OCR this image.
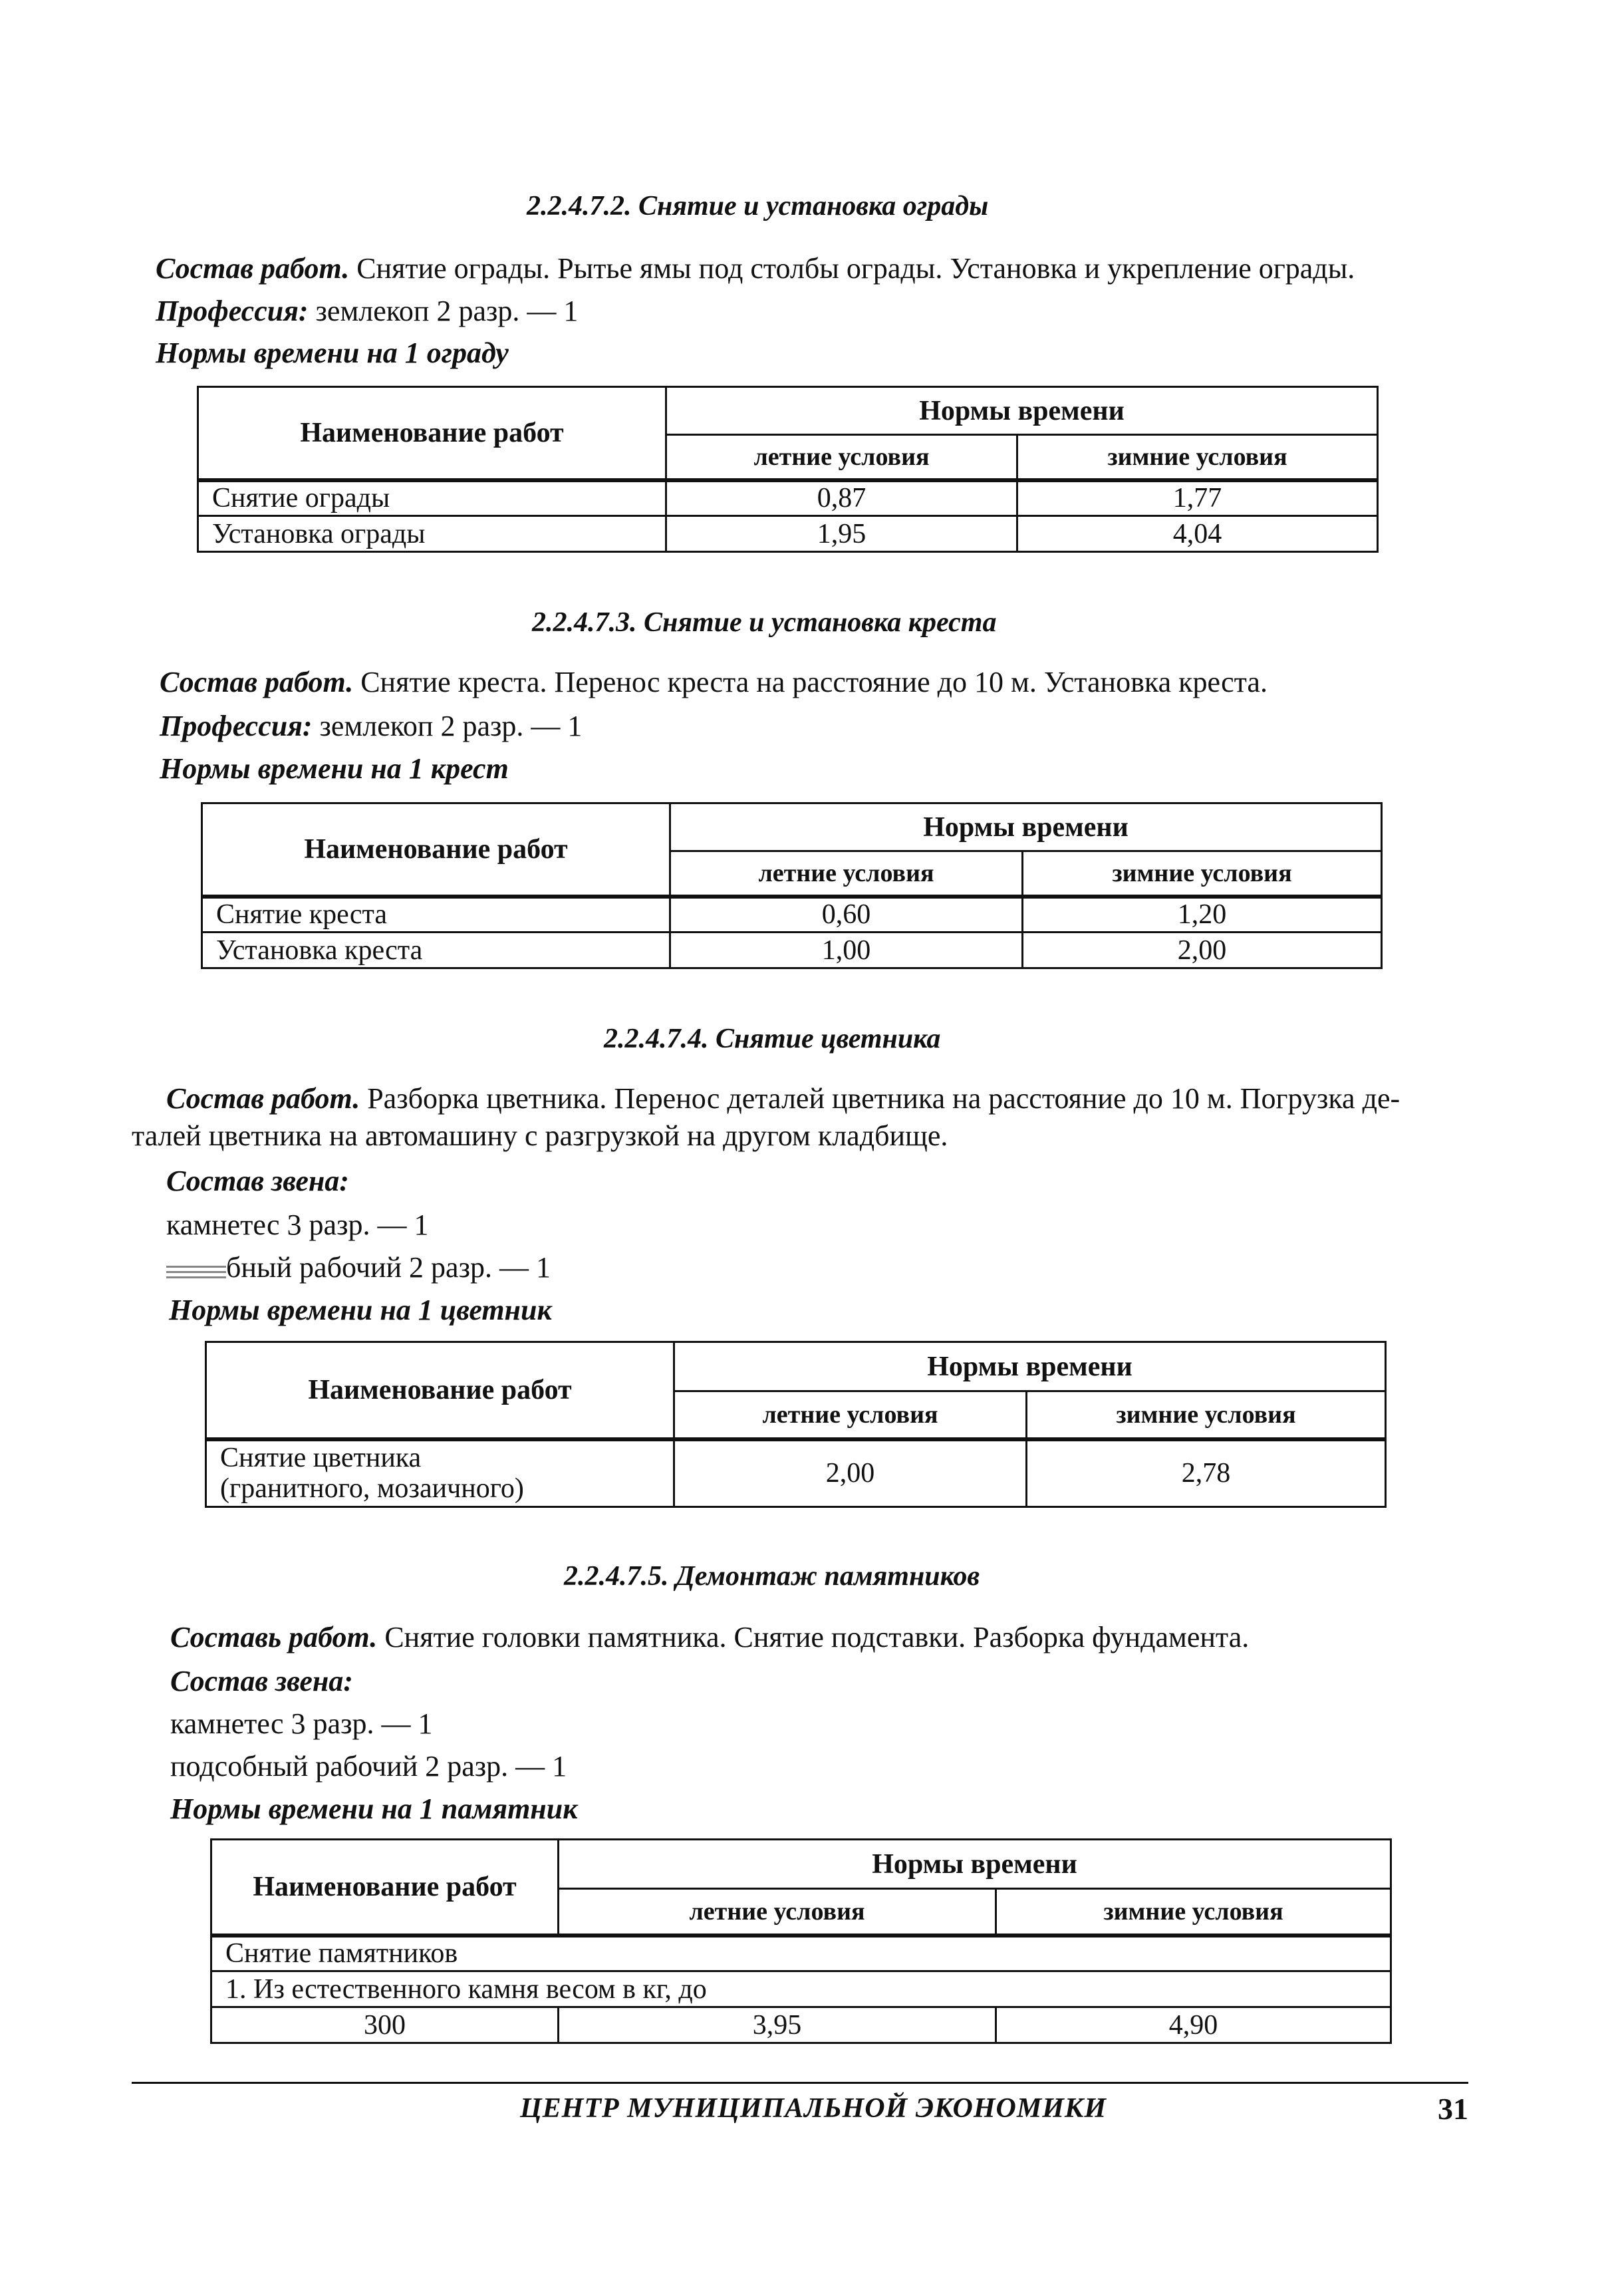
2.2.4.7.2. Снятие и установка ограды
Состав работ. Снятие ограды. Рытье ямы под столбы ограды. Установка и укрепление ограды.
Профессия: землекоп 2 разр. — 1
Нормы времени на 1 ограду
Наименование работ	Нормы времени	
	летние условия	зимние условия
Снятие ограды	0,87	1,77
Установка ограды	1,95	4,04
2.2.4.7.3. Снятие и установка креста
Состав работ. Снятие креста. Перенос креста на расстояние до 10 м. Установка креста.
Профессия: землекоп 2 разр. — 1
Нормы времени на 1 крест
Наименование работ	Нормы времени	
	летние условия	зимние условия
Снятие креста	0,60	1,20
Установка креста	1,00	2,00
2.2.4.7.4. Снятие цветника
Состав работ. Разборка цветника. Перенос деталей цветника на расстояние до 10 м. Погрузка де-
талей цветника на автомашину с разгрузкой на другом кладбище.
Состав звена:
камнетес 3 разр. — 1
бный рабочий 2 разр. — 1
Нормы времени на 1 цветник
Наименование работ	Нормы времени	
	летние условия	зимние условия

Снятие цветника
(гранитного, мозаичного)	2,00	2,78
2.2.4.7.5. Демонтаж памятников
Составь работ. Снятие головки памятника. Снятие подставки. Разборка фундамента.
Состав звена:
камнетес 3 разр. — 1
подсобный рабочий 2 разр. — 1
Нормы времени на 1 памятник
Наименование работ	Нормы времени	
	летние условия	зимние условия
Снятие памятников		
1. Из естественного камня весом в кг, до		
300	3,95	4,90
ЦЕНТР МУНИЦИПАЛЬНОЙ ЭКОНОМИКИ	31
